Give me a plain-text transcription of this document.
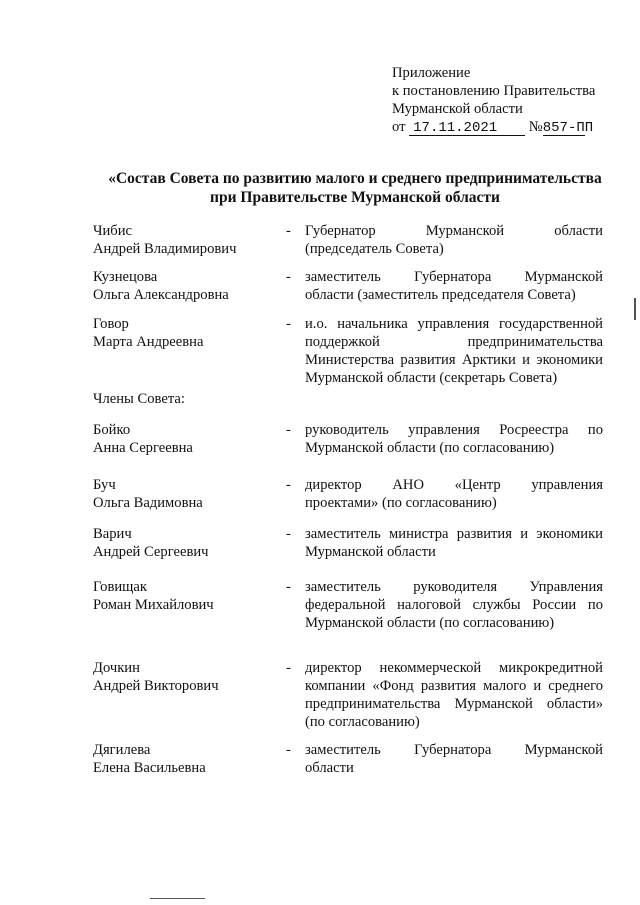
Приложение
к постановлению Правительства
Мурманской области
от 17.11.2021 №857-ПП
«Состав Совета по развитию малого и среднего предпринимательства
при Правительстве Мурманской области
Чибис
Андрей Владимирович
- Губернатор Мурманской области
(председатель Совета)
Кузнецова
Ольга Александровна
- заместитель Губернатора Мурманской
области (заместитель председателя Совета)
Говор
Марта Андреевна
- и.о. начальника управления государственной
поддержкой предпринимательства
Министерства развития Арктики и экономики
Мурманской области (секретарь Совета)
Бойко
Анна Сергеевна
- руководитель управления Росреестра по
Мурманской области (по согласованию)
Буч
Ольга Вадимовна
- директор АНО «Центр управления
проектами» (по согласованию)
Варич
Андрей Сергеевич
- заместитель министра развития и экономики
Мурманской области
Говищак
Роман Михайлович
- заместитель руководителя Управления
федеральной налоговой службы России по
Мурманской области (по согласованию)
Дочкин
Андрей Викторович
- директор некоммерческой микрокредитной
компании «Фонд развития малого и среднего
предпринимательства Мурманской области»
(по согласованию)
Дягилева
Елена Васильевна
- заместитель Губернатора Мурманской
области
Члены Совета:
